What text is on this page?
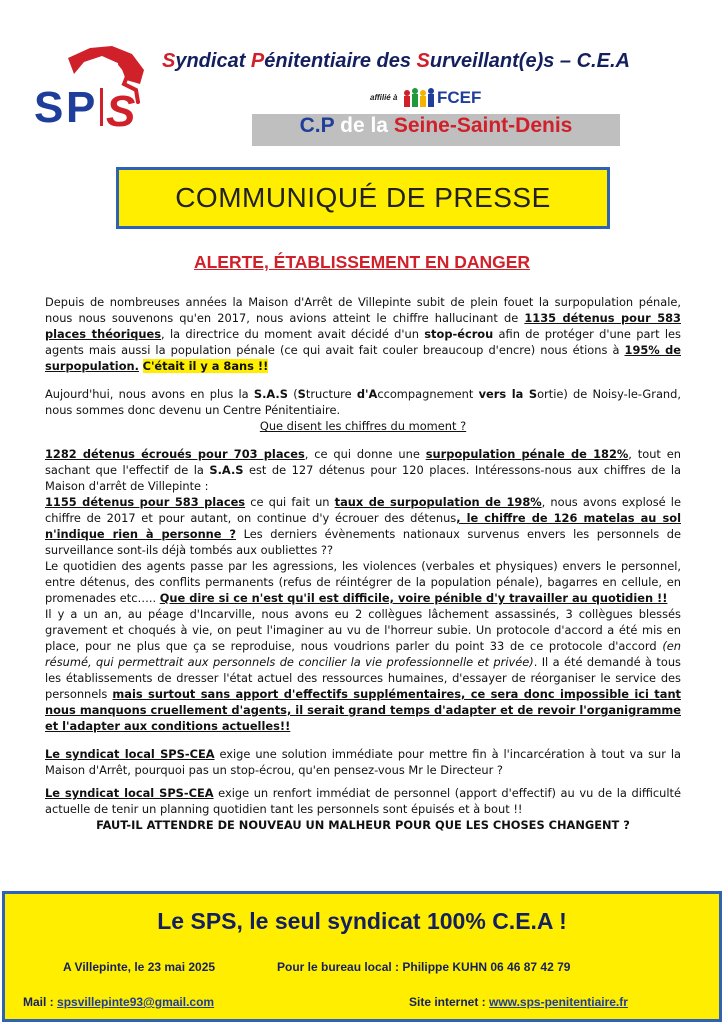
S P S
Syndicat Pénitentiaire des Surveillant(e)s – C.E.A
affilié à FCEF
C.P de la Seine-Saint-Denis
COMMUNIQUÉ DE PRESSE
ALERTE, ÉTABLISSEMENT EN DANGER

Depuis de nombreuses années la Maison d'Arrêt de Villepinte subit de plein fouet la surpopulation pénale, nous nous souvenons qu'en 2017, nous avions atteint le chiffre hallucinant de 1135 détenus pour 583 places théoriques, la directrice du moment avait décidé d'un stop-écrou afin de protéger d'une part les agents mais aussi la population pénale (ce qui avait fait couler breaucoup d'encre) nous étions à 195% de surpopulation. C'était il y a 8ans !!

Aujourd'hui, nous avons en plus la S.A.S (Structure d'Accompagnement vers la Sortie) de Noisy-le-Grand, nous sommes donc devenu un Centre Pénitentiaire.

Que disent les chiffres du moment ?

1282 détenus écroués pour 703 places, ce qui donne une surpopulation pénale de 182%, tout en sachant que l'effectif de la S.A.S est de 127 détenus pour 120 places. Intéressons-nous aux chiffres de la Maison d'arrêt de Villepinte :

1155 détenus pour 583 places ce qui fait un taux de surpopulation de 198%, nous avons explosé le chiffre de 2017 et pour autant, on continue d'y écrouer des détenus, le chiffre de 126 matelas au sol n'indique rien à personne ? Les derniers évènements nationaux survenus envers les personnels de surveillance sont-ils déjà tombés aux oubliettes ??

Le quotidien des agents passe par les agressions, les violences (verbales et physiques) envers le personnel, entre détenus, des conflits permanents (refus de réintégrer de la population pénale), bagarres en cellule, en promenades etc….. Que dire si ce n'est qu'il est difficile, voire pénible d'y travailler au quotidien !!

Il y a un an, au péage d'Incarville, nous avons eu 2 collègues lâchement assassinés, 3 collègues blessés gravement et choqués à vie, on peut l'imaginer au vu de l'horreur subie. Un protocole d'accord a été mis en place, pour ne plus que ça se reproduise, nous voudrions parler du point 33 de ce protocole d'accord (en résumé, qui permettrait aux personnels de concilier la vie professionnelle et privée). Il a été demandé à tous les établissements de dresser l'état actuel des ressources humaines, d'essayer de réorganiser le service des personnels mais surtout sans apport d'effectifs supplémentaires, ce sera donc impossible ici tant nous manquons cruellement d'agents, il serait grand temps d'adapter et de revoir l'organigramme et l'adapter aux conditions actuelles!!

Le syndicat local SPS-CEA exige une solution immédiate pour mettre fin à l'incarcération à tout va sur la Maison d'Arrêt, pourquoi pas un stop-écrou, qu'en pensez-vous Mr le Directeur ?

Le syndicat local SPS-CEA exige un renfort immédiat de personnel (apport d'effectif) au vu de la difficulté actuelle de tenir un planning quotidien tant les personnels sont épuisés et à bout !!

FAUT-IL ATTENDRE DE NOUVEAU UN MALHEUR POUR QUE LES CHOSES CHANGENT ?

Le SPS, le seul syndicat 100% C.E.A !
A Villepinte, le 23 mai 2025	Pour le bureau local : Philippe KUHN 06 46 87 42 79
Mail : spsvillepinte93@gmail.com	Site internet : www.sps-penitentiaire.fr
